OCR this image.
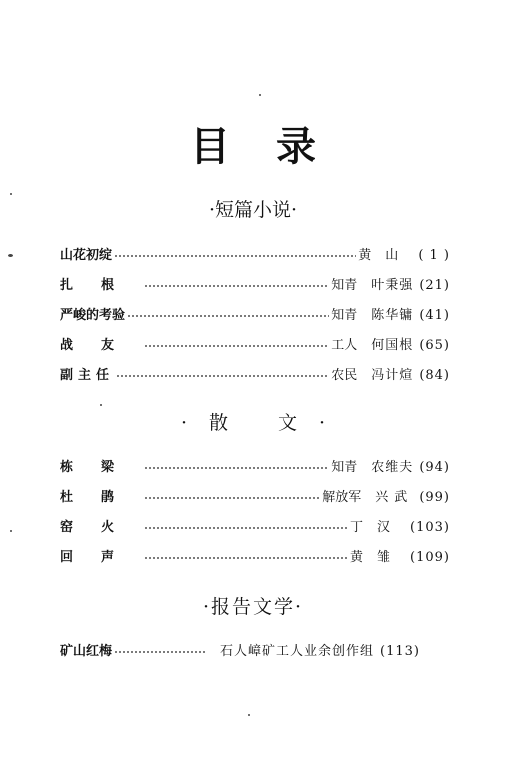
目录
·短篇小说·
山花初绽	黄山 ( 1 )
扎根	知青 叶秉强 (21)
严峻的考验	知青 陈华镛 (41)
战友	工人 何国根 (65)
副主任	农民 冯计煊 (84)
·散 文·
栋梁	知青 农维夫 (94)
杜鹃	解放军 兴武 (99)
窑火	丁汉 (103)
回声	黄雏 (109)
·报告文学·
矿山红梅	石人嶂矿工人业余创作组 (113)
